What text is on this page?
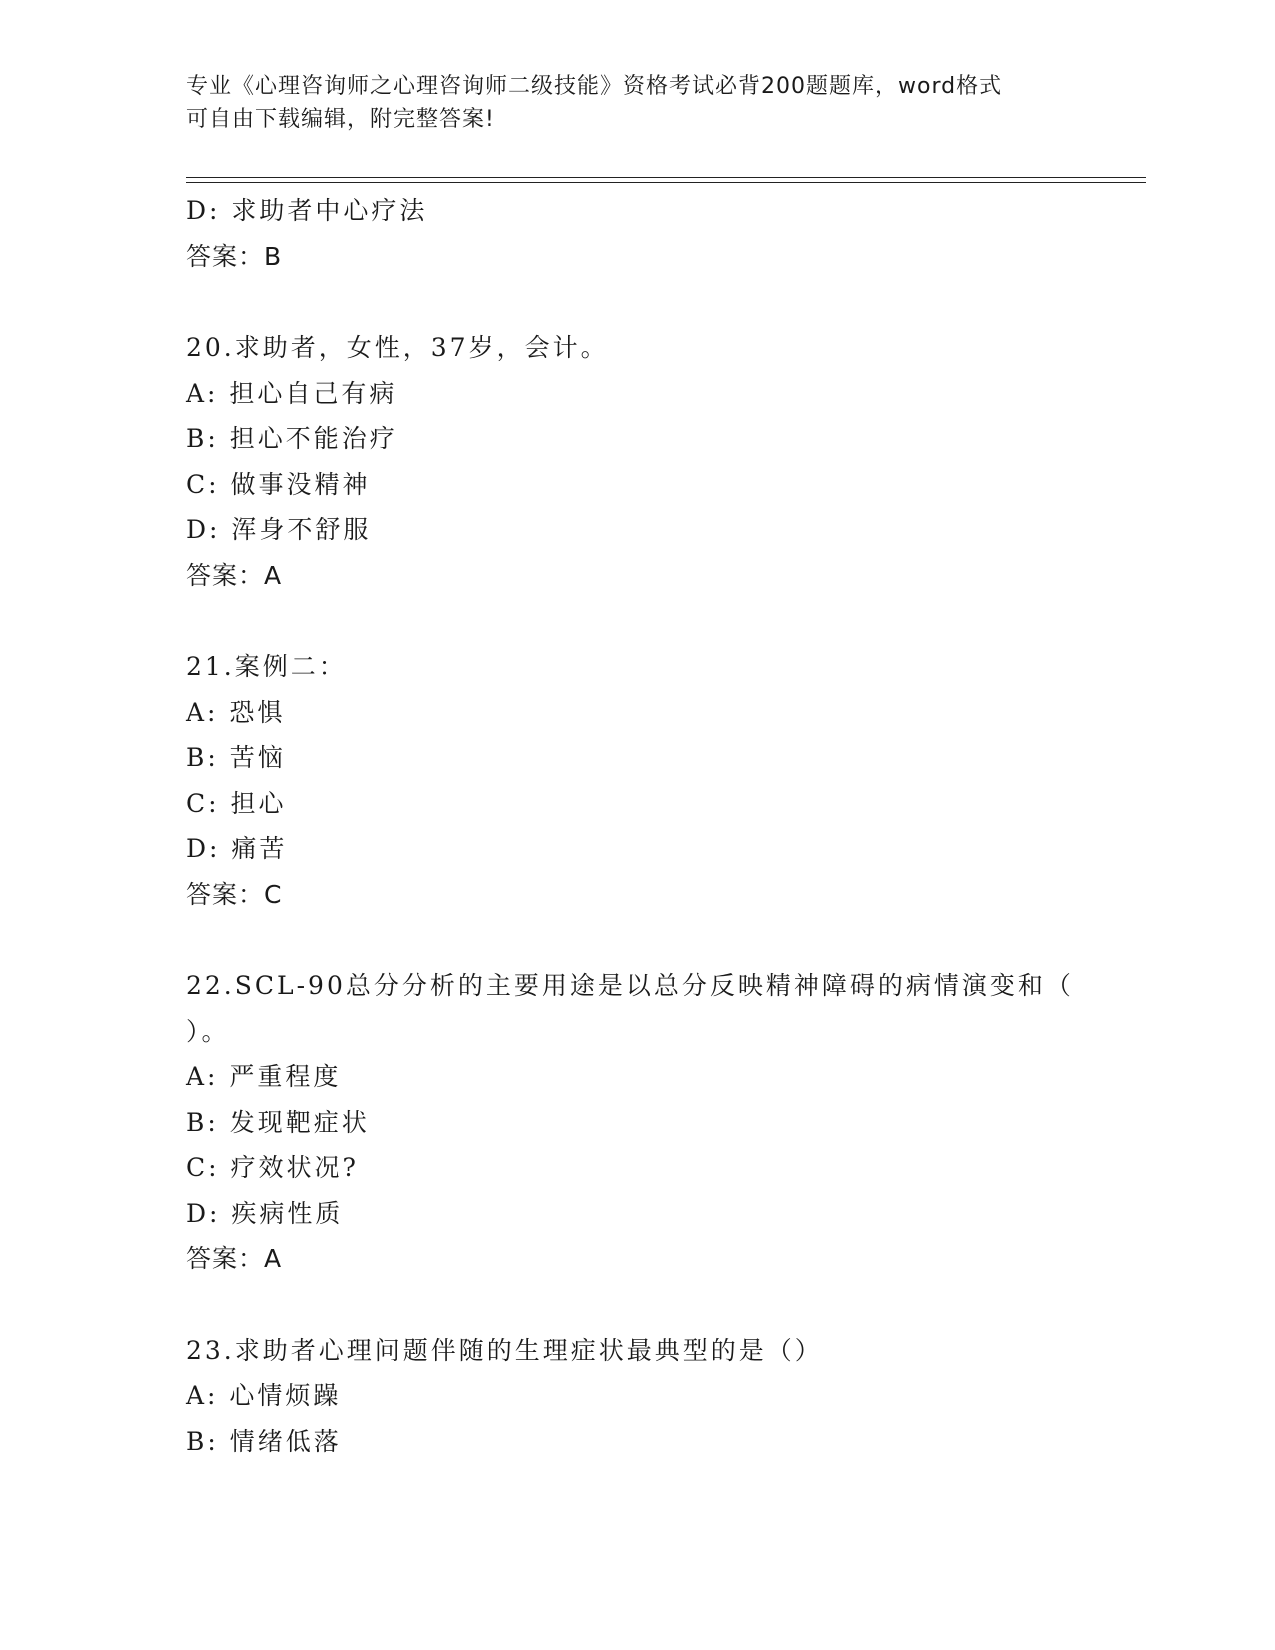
专业《心理咨询师之心理咨询师二级技能》资格考试必背200题题库，word格式
可自由下载编辑，附完整答案!
D: 求助者中心疗法
答案：B
20.求助者，女性，37岁，会计。
A: 担心自己有病
B: 担心不能治疗
C: 做事没精神
D: 浑身不舒服
答案：A
21.案例二：
A: 恐惧
B: 苦恼
C: 担心
D: 痛苦
答案：C
22.SCL-90总分分析的主要用途是以总分反映精神障碍的病情演变和（
）。
A: 严重程度
B: 发现靶症状
C: 疗效状况?
D: 疾病性质
答案：A
23.求助者心理问题伴随的生理症状最典型的是（）
A: 心情烦躁
B: 情绪低落
